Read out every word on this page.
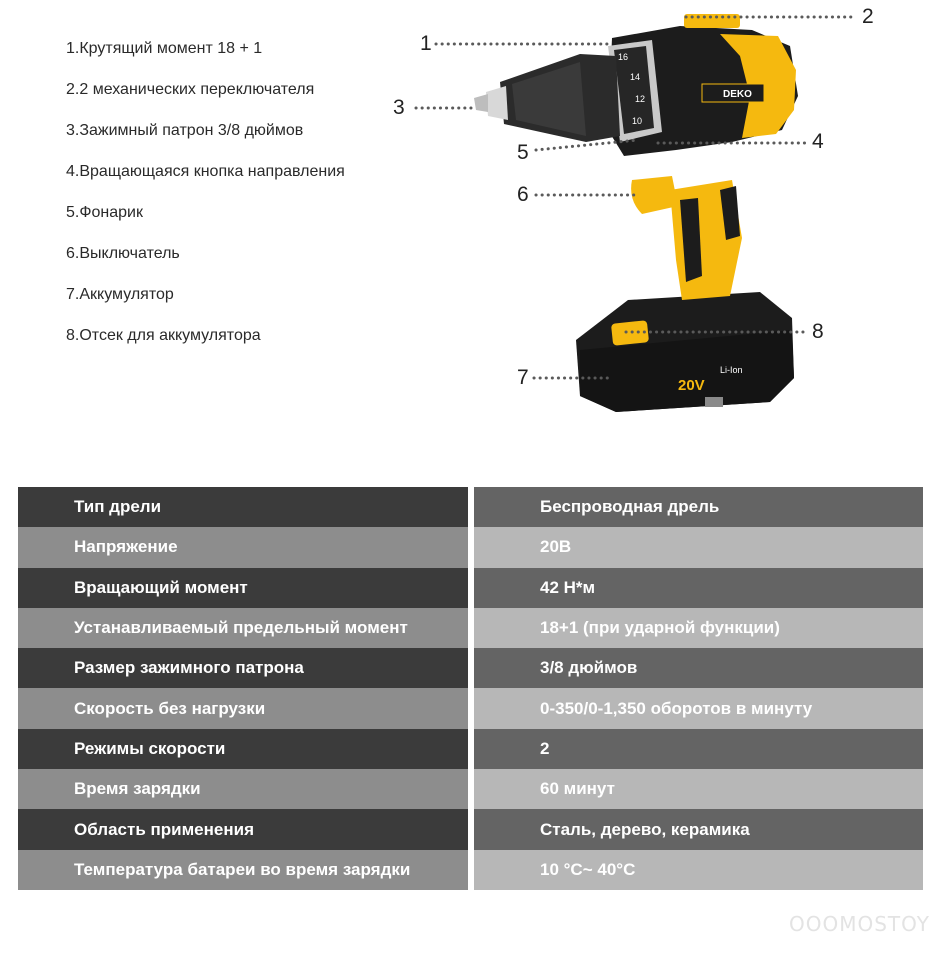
1.Крутящий момент 18 + 1
2.2 механических переключателя
3.Зажимный патрон 3/8 дюймов
4.Вращающаяся кнопка направления
5.Фонарик
6.Выключатель
7.Аккумулятор
8.Отсек для аккумулятора
20V
Li-Ion
DEKO
16
14
12
10
1
2
3
4
5
6
7
8
Тип дрели	Беспроводная дрель
Напряжение	20В
Вращающий момент	42 Н*м
Устанавливаемый предельный момент	18+1 (при ударной функции)
Размер зажимного патрона	3/8 дюймов
Скорость без нагрузки	0-350/0-1,350 оборотов в минуту
Режимы скорости	2
Время зарядки	60 минут
Область применения	Сталь, дерево, керамика
Температура батареи во время зарядки	10 °C~ 40°C
OOOMOSTOY
